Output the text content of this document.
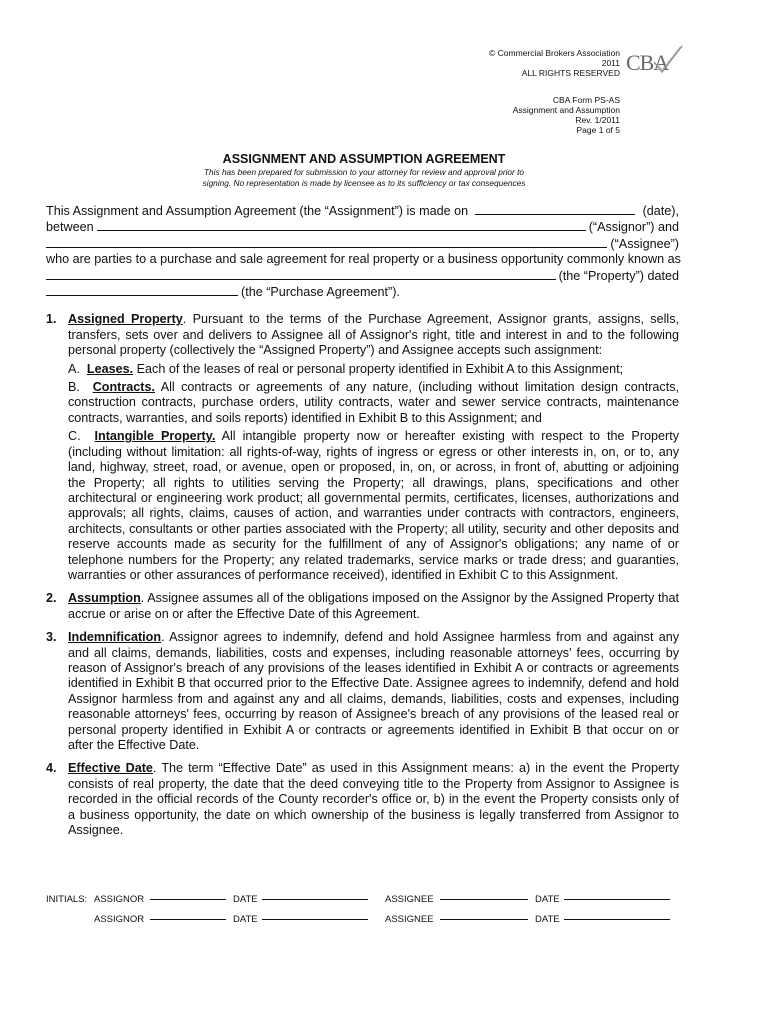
© Commercial Brokers Association
2011
ALL RIGHTS RESERVED CBA
CBA Form PS-AS
Assignment and Assumption
Rev. 1/2011
Page 1 of 5
ASSIGNMENT AND ASSUMPTION AGREEMENT
This has been prepared for submission to your attorney for review and approval prior to
signing. No representation is made by licensee as to its sufficiency or tax consequences
This Assignment and Assumption Agreement (the “Assignment”) is made on	(date),
between	(“Assignor”) and
(“Assignee”)

who are parties to a purchase and sale agreement for real property or a business opportunity commonly known as

(the “Property”) dated
(the “Purchase Agreement”).
1. Assigned Property. Pursuant to the terms of the Purchase Agreement, Assignor grants, assigns, sells, transfers, sets over and delivers to Assignee all of Assignor's right, title and interest in and to the following personal property (collectively the “Assigned Property”) and Assignee accepts such assignment:

A. Leases. Each of the leases of real or personal property identified in Exhibit A to this Assignment;

B. Contracts. All contracts or agreements of any nature, (including without limitation design contracts, construction contracts, purchase orders, utility contracts, water and sewer service contracts, maintenance contracts, warranties, and soils reports) identified in Exhibit B to this Assignment; and

C. Intangible Property. All intangible property now or hereafter existing with respect to the Property (including without limitation: all rights-of-way, rights of ingress or egress or other interests in, on, or to, any land, highway, street, road, or avenue, open or proposed, in, on, or across, in front of, abutting or adjoining the Property; all rights to utilities serving the Property; all drawings, plans, specifications and other architectural or engineering work product; all governmental permits, certificates, licenses, authorizations and approvals; all rights, claims, causes of action, and warranties under contracts with contractors, engineers, architects, consultants or other parties associated with the Property; all utility, security and other deposits and reserve accounts made as security for the fulfillment of any of Assignor's obligations; any name of or telephone numbers for the Property; any related trademarks, service marks or trade dress; and guaranties, warranties or other assurances of performance received), identified in Exhibit C to this Assignment.

2. Assumption. Assignee assumes all of the obligations imposed on the Assignor by the Assigned Property that accrue or arise on or after the Effective Date of this Agreement.

3. Indemnification. Assignor agrees to indemnify, defend and hold Assignee harmless from and against any and all claims, demands, liabilities, costs and expenses, including reasonable attorneys' fees, occurring by reason of Assignor's breach of any provisions of the leases identified in Exhibit A or contracts or agreements identified in Exhibit B that occurred prior to the Effective Date. Assignee agrees to indemnify, defend and hold Assignor harmless from and against any and all claims, demands, liabilities, costs and expenses, including reasonable attorneys' fees, occurring by reason of Assignee's breach of any provisions of the leased real or personal property identified in Exhibit A or contracts or agreements identified in Exhibit B that occur on or after the Effective Date.

4. Effective Date. The term “Effective Date” as used in this Assignment means: a) in the event the Property consists of real property, the date that the deed conveying title to the Property from Assignor to Assignee is recorded in the official records of the County recorder's office or, b) in the event the Property consists only of a business opportunity, the date on which ownership of the business is legally transferred from Assignor to Assignee.

INITIALS: ASSIGNOR	DATE	ASSIGNEE	DATE
ASSIGNOR	DATE	ASSIGNEE	DATE
